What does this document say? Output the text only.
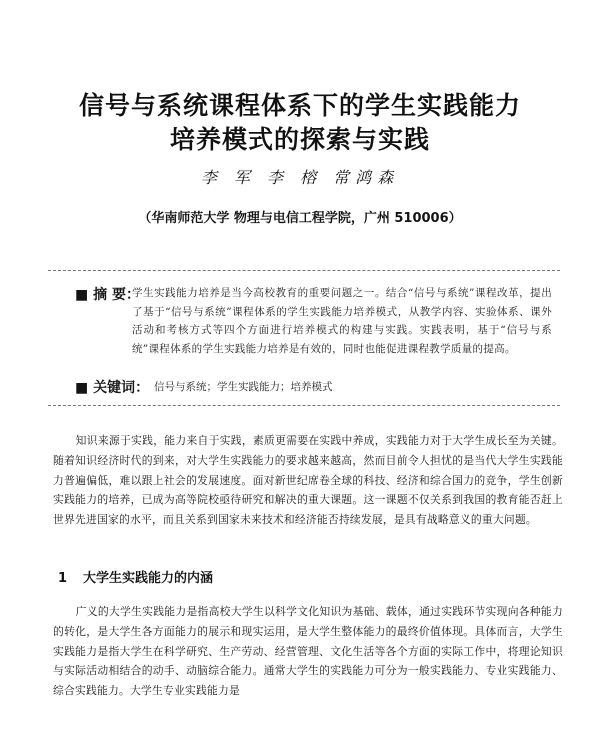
信号与系统课程体系下的学生实践能力
培养模式的探索与实践
李 军 李 榕 常鸿森
（华南师范大学 物理与电信工程学院，广州 510006）
■ 摘 要：
学生实践能力培养是当今高校教育的重要问题之一。结合“信号与系统”课程改革，提出了基于“信号与系统”课程体系的学生实践能力培养模式，从教学内容、实验体系、课外活动和考核方式等四个方面进行培养模式的构建与实践。实践表明，基于“信号与系统”课程体系的学生实践能力培养是有效的，同时也能促进课程教学质量的提高。
■ 关键词： 信号与系统；学生实践能力；培养模式
知识来源于实践，能力来自于实践，素质更需要在实践中养成，实践能力对于大学生成长至为关键。随着知识经济时代的到来，对大学生实践能力的要求越来越高，然而目前令人担忧的是当代大学生实践能力普遍偏低，难以跟上社会的发展速度。面对新世纪席卷全球的科技、经济和综合国力的竞争，学生创新实践能力的培养，已成为高等院校亟待研究和解决的重大课题。这一课题不仅关系到我国的教育能否赶上世界先进国家的水平，而且关系到国家未来技术和经济能否持续发展，是具有战略意义的重大问题。
1 大学生实践能力的内涵
广义的大学生实践能力是指高校大学生以科学文化知识为基础、载体，通过实践环节实现向各种能力的转化，是大学生各方面能力的展示和现实运用，是大学生整体能力的最终价值体现。具体而言，大学生实践能力是指大学生在科学研究、生产劳动、经营管理、文化生活等各个方面的实际工作中，将理论知识与实际活动相结合的动手、动脑综合能力。通常大学生的实践能力可分为一般实践能力、专业实践能力、综合实践能力。大学生专业实践能力是
